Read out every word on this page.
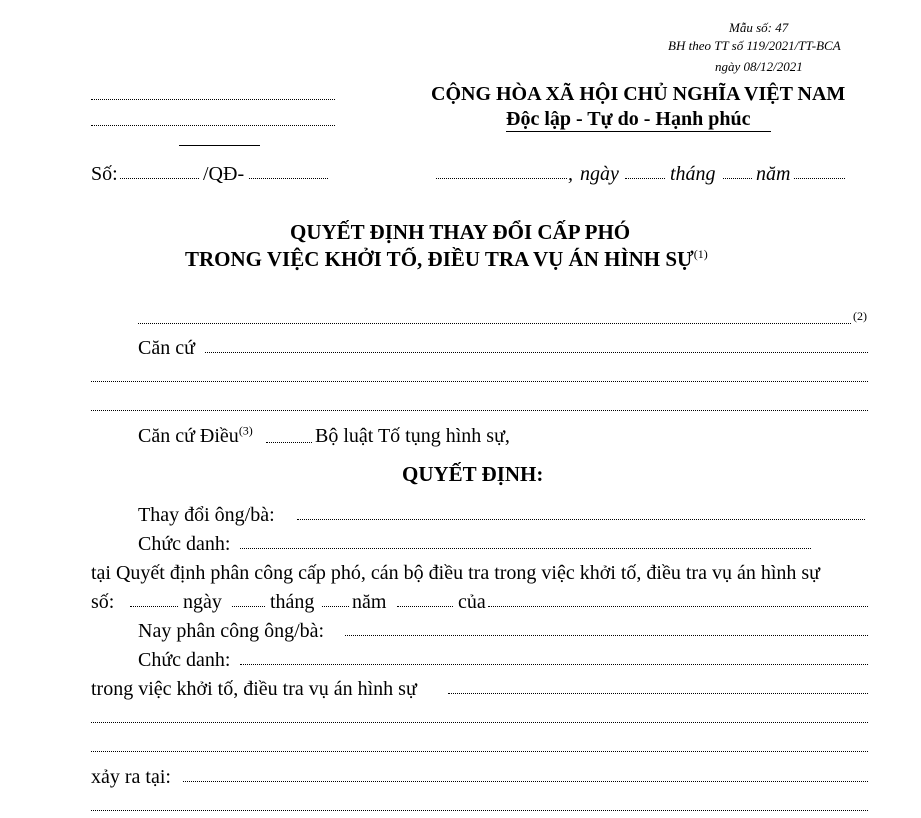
Mẫu số: 47
BH theo TT số 119/2021/TT-BCA
ngày 08/12/2021
CỘNG HÒA XÃ HỘI CHỦ NGHĨA VIỆT NAM
Độc lập - Tự do - Hạnh phúc
Số:	/QĐ-	, ngày	tháng năm
QUYẾT ĐỊNH THAY ĐỔI CẤP PHÓ
TRONG VIỆC KHỞI TỐ, ĐIỀU TRA VỤ ÁN HÌNH SỰ$^{(1)}$
(2)
Căn cứ
Căn cứ Điều$^{(3)}$	Bộ luật Tố tụng hình sự,
QUYẾT ĐỊNH:
Thay đổi ông/bà:
Chức danh:
tại Quyết định phân công cấp phó, cán bộ điều tra trong việc khởi tố, điều tra vụ án hình sự
số:	ngày tháng năm	của
Nay phân công ông/bà:
Chức danh:
trong việc khởi tố, điều tra vụ án hình sự
xảy ra tại:
